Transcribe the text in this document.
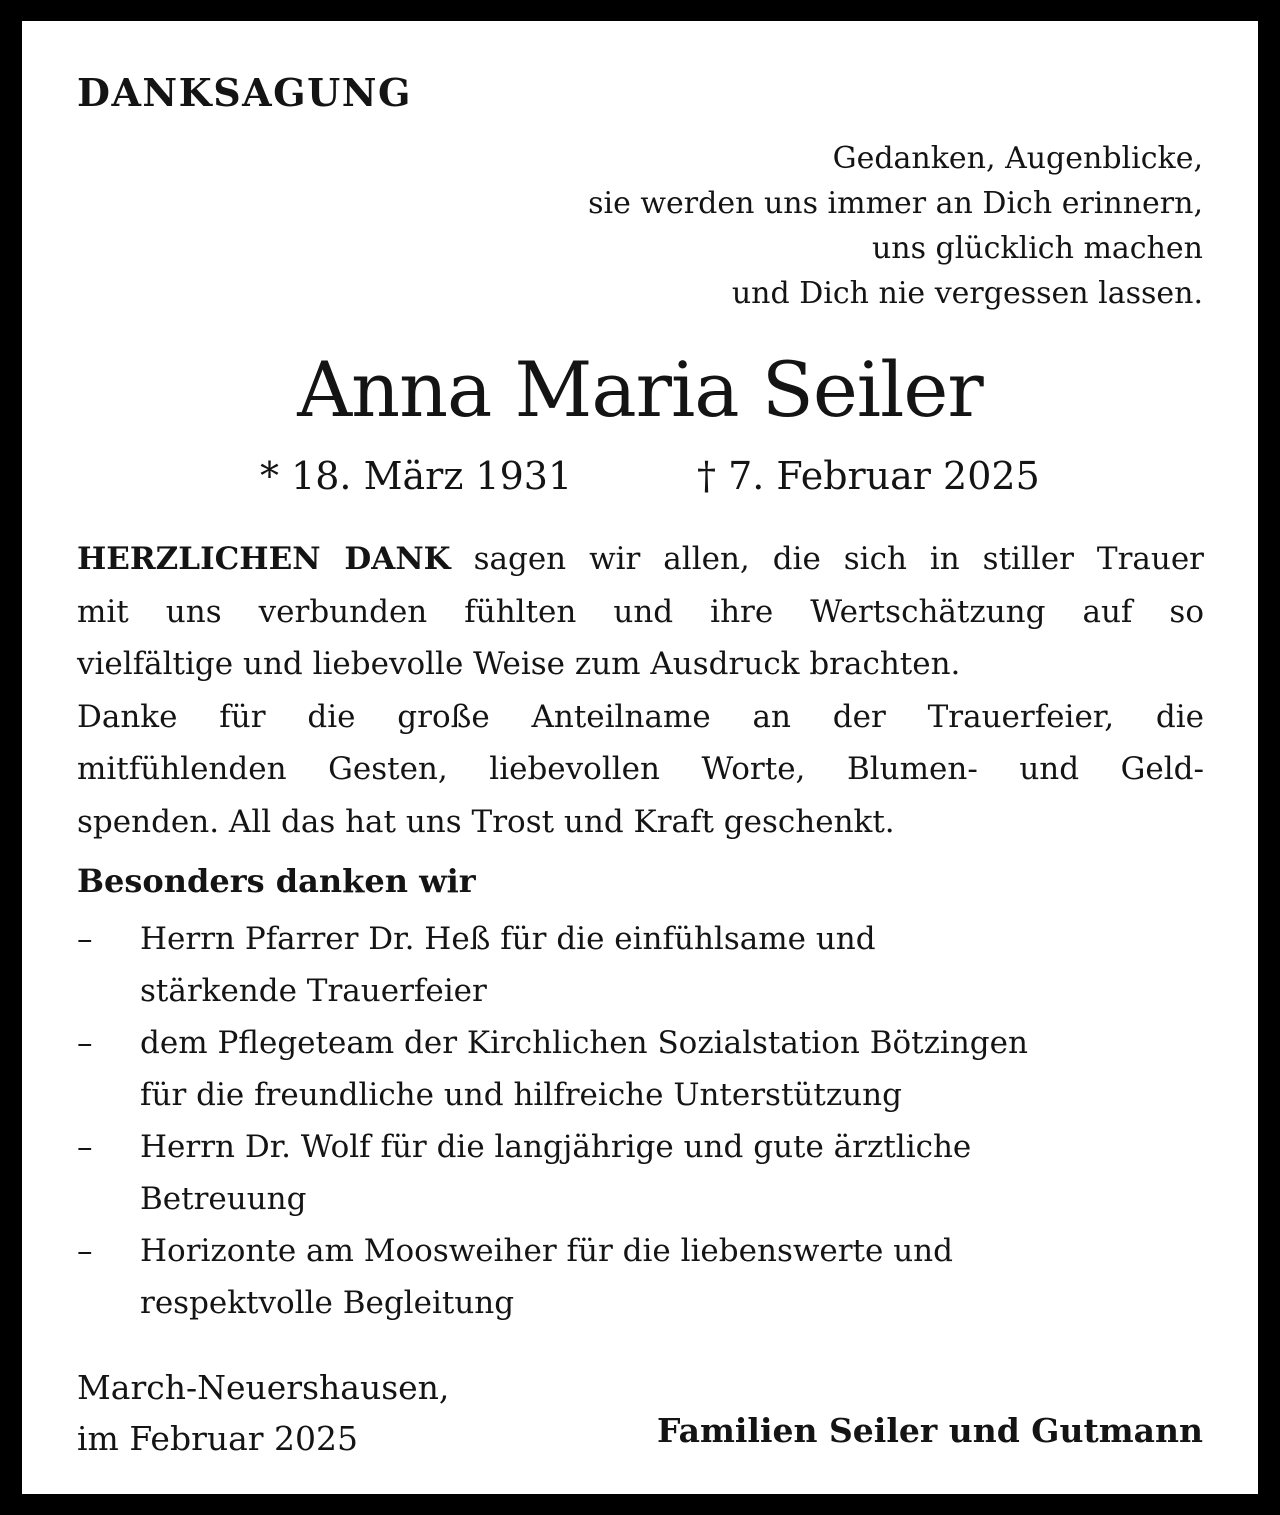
DANKSAGUNG
Gedanken, Augenblicke,
sie werden uns immer an Dich erinnern,
uns glücklich machen
und Dich nie vergessen lassen.
Anna Maria Seiler
* 18. März 1931	† 7. Februar 2025
HERZLICHEN DANK sagen wir allen, die sich in stiller Trauer
mit uns verbunden fühlten und ihre Wertschätzung auf so
vielfältige und liebevolle Weise zum Ausdruck brachten.
Danke für die große Anteilname an der Trauerfeier, die
mitfühlenden Gesten, liebevollen Worte, Blumen- und Geld-
spenden. All das hat uns Trost und Kraft geschenkt.
Besonders danken wir
– Herrn Pfarrer Dr. Heß für die einfühlsame und
stärkende Trauerfeier
– dem Pflegeteam der Kirchlichen Sozialstation Bötzingen
für die freundliche und hilfreiche Unterstützung
– Herrn Dr. Wolf für die langjährige und gute ärztliche
Betreuung
– Horizonte am Moosweiher für die liebenswerte und
respektvolle Begleitung
March-Neuershausen,
im Februar 2025	Familien Seiler und Gutmann
